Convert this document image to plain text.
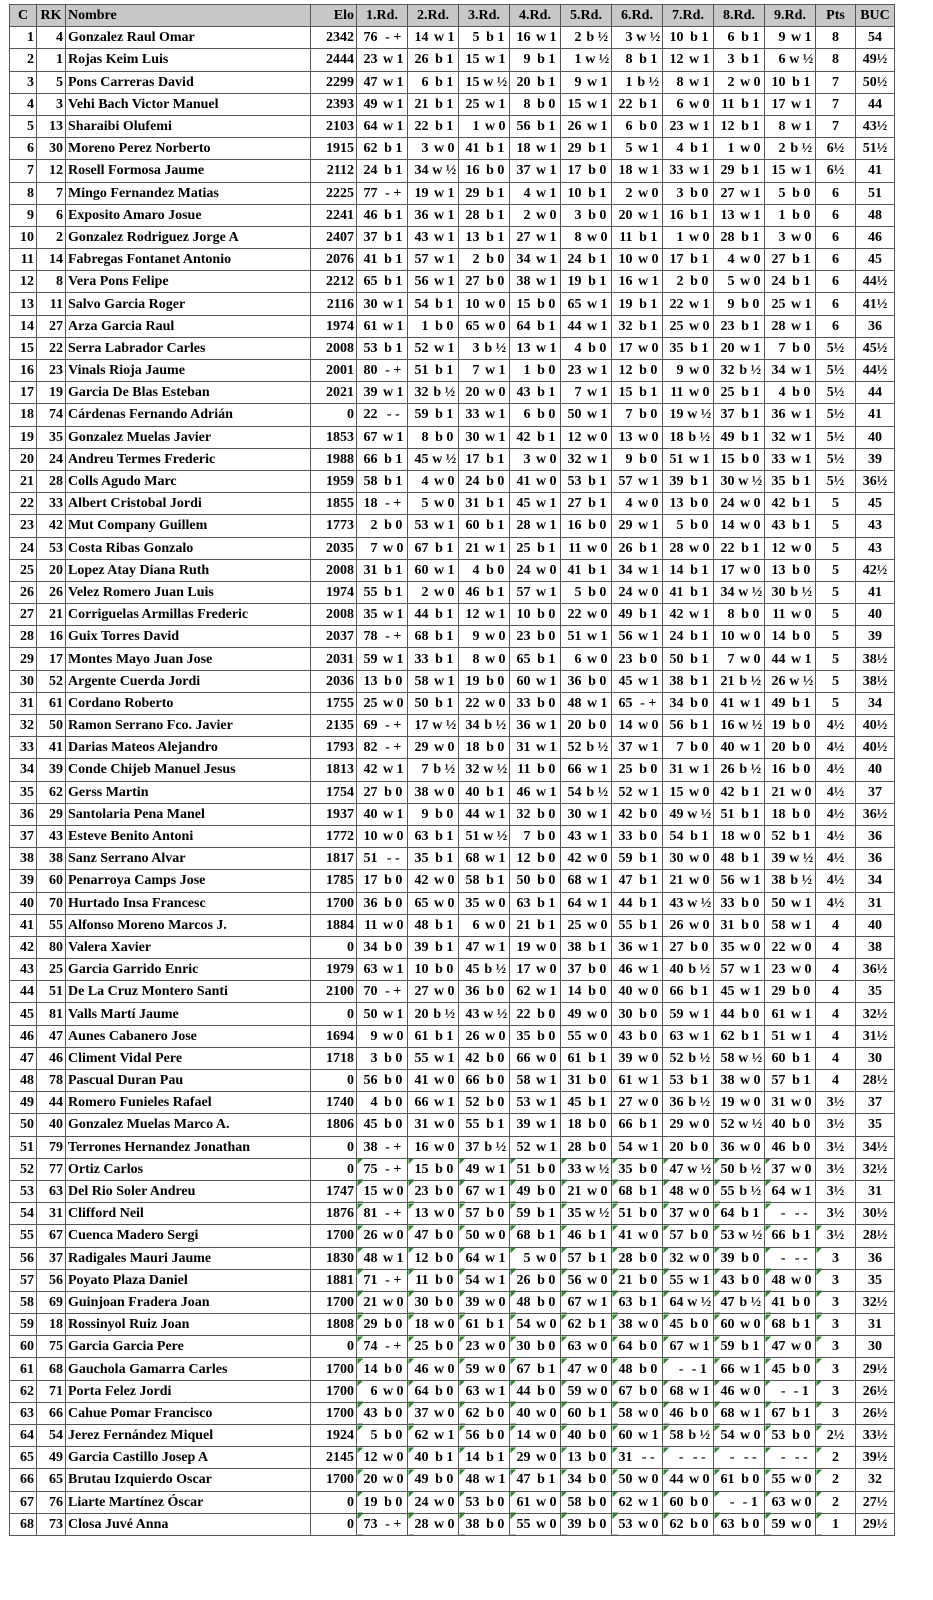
C	RK	Nombre	Elo	1.Rd.		2.Rd.		3.Rd.		4.Rd.		5.Rd.		6.Rd.		7.Rd.		8.Rd.		9.Rd.		Pts	BUC
1	4	Gonzalez Raul Omar	2342	76	- +	14	w 1	5	b 1	16	w 1	2	b ½	3	w ½	10	b 1	6	b 1	9	w 1	8	54
2	1	Rojas Keim Luis	2444	23	w 1	26	b 1	15	w 1	9	b 1	1	w ½	8	b 1	12	w 1	3	b 1	6	w ½	8	49½
3	5	Pons Carreras David	2299	47	w 1	6	b 1	15	w ½	20	b 1	9	w 1	1	b ½	8	w 1	2	w 0	10	b 1	7	50½
4	3	Vehi Bach Victor Manuel	2393	49	w 1	21	b 1	25	w 1	8	b 0	15	w 1	22	b 1	6	w 0	11	b 1	17	w 1	7	44
5	13	Sharaibi Olufemi	2103	64	w 1	22	b 1	1	w 0	56	b 1	26	w 1	6	b 0	23	w 1	12	b 1	8	w 1	7	43½
6	30	Moreno Perez Norberto	1915	62	b 1	3	w 0	41	b 1	18	w 1	29	b 1	5	w 1	4	b 1	1	w 0	2	b ½	6½	51½
7	12	Rosell Formosa Jaume	2112	24	b 1	34	w ½	16	b 0	37	w 1	17	b 0	18	w 1	33	w 1	29	b 1	15	w 1	6½	41
8	7	Mingo Fernandez Matias	2225	77	- +	19	w 1	29	b 1	4	w 1	10	b 1	2	w 0	3	b 0	27	w 1	5	b 0	6	51
9	6	Exposito Amaro Josue	2241	46	b 1	36	w 1	28	b 1	2	w 0	3	b 0	20	w 1	16	b 1	13	w 1	1	b 0	6	48
10	2	Gonzalez Rodriguez Jorge A	2407	37	b 1	43	w 1	13	b 1	27	w 1	8	w 0	11	b 1	1	w 0	28	b 1	3	w 0	6	46
11	14	Fabregas Fontanet Antonio	2076	41	b 1	57	w 1	2	b 0	34	w 1	24	b 1	10	w 0	17	b 1	4	w 0	27	b 1	6	45
12	8	Vera Pons Felipe	2212	65	b 1	56	w 1	27	b 0	38	w 1	19	b 1	16	w 1	2	b 0	5	w 0	24	b 1	6	44½
13	11	Salvo Garcia Roger	2116	30	w 1	54	b 1	10	w 0	15	b 0	65	w 1	19	b 1	22	w 1	9	b 0	25	w 1	6	41½
14	27	Arza Garcia Raul	1974	61	w 1	1	b 0	65	w 0	64	b 1	44	w 1	32	b 1	25	w 0	23	b 1	28	w 1	6	36
15	22	Serra Labrador Carles	2008	53	b 1	52	w 1	3	b ½	13	w 1	4	b 0	17	w 0	35	b 1	20	w 1	7	b 0	5½	45½
16	23	Vinals Rioja Jaume	2001	80	- +	51	b 1	7	w 1	1	b 0	23	w 1	12	b 0	9	w 0	32	b ½	34	w 1	5½	44½
17	19	Garcia De Blas Esteban	2021	39	w 1	32	b ½	20	w 0	43	b 1	7	w 1	15	b 1	11	w 0	25	b 1	4	b 0	5½	44
18	74	Cárdenas Fernando Adrián	0	22	- -	59	b 1	33	w 1	6	b 0	50	w 1	7	b 0	19	w ½	37	b 1	36	w 1	5½	41
19	35	Gonzalez Muelas Javier	1853	67	w 1	8	b 0	30	w 1	42	b 1	12	w 0	13	w 0	18	b ½	49	b 1	32	w 1	5½	40
20	24	Andreu Termes Frederic	1988	66	b 1	45	w ½	17	b 1	3	w 0	32	w 1	9	b 0	51	w 1	15	b 0	33	w 1	5½	39
21	28	Colls Agudo Marc	1959	58	b 1	4	w 0	24	b 0	41	w 0	53	b 1	57	w 1	39	b 1	30	w ½	35	b 1	5½	36½
22	33	Albert Cristobal Jordi	1855	18	- +	5	w 0	31	b 1	45	w 1	27	b 1	4	w 0	13	b 0	24	w 0	42	b 1	5	45
23	42	Mut Company Guillem	1773	2	b 0	53	w 1	60	b 1	28	w 1	16	b 0	29	w 1	5	b 0	14	w 0	43	b 1	5	43
24	53	Costa Ribas Gonzalo	2035	7	w 0	67	b 1	21	w 1	25	b 1	11	w 0	26	b 1	28	w 0	22	b 1	12	w 0	5	43
25	20	Lopez Atay Diana Ruth	2008	31	b 1	60	w 1	4	b 0	24	w 0	41	b 1	34	w 1	14	b 1	17	w 0	13	b 0	5	42½
26	26	Velez Romero Juan Luis	1974	55	b 1	2	w 0	46	b 1	57	w 1	5	b 0	24	w 0	41	b 1	34	w ½	30	b ½	5	41
27	21	Corriguelas Armillas Frederic	2008	35	w 1	44	b 1	12	w 1	10	b 0	22	w 0	49	b 1	42	w 1	8	b 0	11	w 0	5	40
28	16	Guix Torres David	2037	78	- +	68	b 1	9	w 0	23	b 0	51	w 1	56	w 1	24	b 1	10	w 0	14	b 0	5	39
29	17	Montes Mayo Juan Jose	2031	59	w 1	33	b 1	8	w 0	65	b 1	6	w 0	23	b 0	50	b 1	7	w 0	44	w 1	5	38½
30	52	Argente Cuerda Jordi	2036	13	b 0	58	w 1	19	b 0	60	w 1	36	b 0	45	w 1	38	b 1	21	b ½	26	w ½	5	38½
31	61	Cordano Roberto	1755	25	w 0	50	b 1	22	w 0	33	b 0	48	w 1	65	- +	34	b 0	41	w 1	49	b 1	5	34
32	50	Ramon Serrano Fco. Javier	2135	69	- +	17	w ½	34	b ½	36	w 1	20	b 0	14	w 0	56	b 1	16	w ½	19	b 0	4½	40½
33	41	Darias Mateos Alejandro	1793	82	- +	29	w 0	18	b 0	31	w 1	52	b ½	37	w 1	7	b 0	40	w 1	20	b 0	4½	40½
34	39	Conde Chijeb Manuel Jesus	1813	42	w 1	7	b ½	32	w ½	11	b 0	66	w 1	25	b 0	31	w 1	26	b ½	16	b 0	4½	40
35	62	Gerss Martin	1754	27	b 0	38	w 0	40	b 1	46	w 1	54	b ½	52	w 1	15	w 0	42	b 1	21	w 0	4½	37
36	29	Santolaria Pena Manel	1937	40	w 1	9	b 0	44	w 1	32	b 0	30	w 1	42	b 0	49	w ½	51	b 1	18	b 0	4½	36½
37	43	Esteve Benito Antoni	1772	10	w 0	63	b 1	51	w ½	7	b 0	43	w 1	33	b 0	54	b 1	18	w 0	52	b 1	4½	36
38	38	Sanz Serrano Alvar	1817	51	- -	35	b 1	68	w 1	12	b 0	42	w 0	59	b 1	30	w 0	48	b 1	39	w ½	4½	36
39	60	Penarroya Camps Jose	1785	17	b 0	42	w 0	58	b 1	50	b 0	68	w 1	47	b 1	21	w 0	56	w 1	38	b ½	4½	34
40	70	Hurtado Insa Francesc	1700	36	b 0	65	w 0	35	w 0	63	b 1	64	w 1	44	b 1	43	w ½	33	b 0	50	w 1	4½	31
41	55	Alfonso Moreno Marcos J.	1884	11	w 0	48	b 1	6	w 0	21	b 1	25	w 0	55	b 1	26	w 0	31	b 0	58	w 1	4	40
42	80	Valera Xavier	0	34	b 0	39	b 1	47	w 1	19	w 0	38	b 1	36	w 1	27	b 0	35	w 0	22	w 0	4	38
43	25	Garcia Garrido Enric	1979	63	w 1	10	b 0	45	b ½	17	w 0	37	b 0	46	w 1	40	b ½	57	w 1	23	w 0	4	36½
44	51	De La Cruz Montero Santi	2100	70	- +	27	w 0	36	b 0	62	w 1	14	b 0	40	w 0	66	b 1	45	w 1	29	b 0	4	35
45	81	Valls Martí Jaume	0	50	w 1	20	b ½	43	w ½	22	b 0	49	w 0	30	b 0	59	w 1	44	b 0	61	w 1	4	32½
46	47	Aunes Cabanero Jose	1694	9	w 0	61	b 1	26	w 0	35	b 0	55	w 0	43	b 0	63	w 1	62	b 1	51	w 1	4	31½
47	46	Climent Vidal Pere	1718	3	b 0	55	w 1	42	b 0	66	w 0	61	b 1	39	w 0	52	b ½	58	w ½	60	b 1	4	30
48	78	Pascual Duran Pau	0	56	b 0	41	w 0	66	b 0	58	w 1	31	b 0	61	w 1	53	b 1	38	w 0	57	b 1	4	28½
49	44	Romero Funieles Rafael	1740	4	b 0	66	w 1	52	b 0	53	w 1	45	b 1	27	w 0	36	b ½	19	w 0	31	w 0	3½	37
50	40	Gonzalez Muelas Marco A.	1806	45	b 0	31	w 0	55	b 1	39	w 1	18	b 0	66	b 1	29	w 0	52	w ½	40	b 0	3½	35
51	79	Terrones Hernandez Jonathan	0	38	- +	16	w 0	37	b ½	52	w 1	28	b 0	54	w 1	20	b 0	36	w 0	46	b 0	3½	34½
52	77	Ortiz Carlos	0	75	- +	15	b 0	49	w 1	51	b 0	33	w ½	35	b 0	47	w ½	50	b ½	37	w 0	3½	32½
53	63	Del Rio Soler Andreu	1747	15	w 0	23	b 0	67	w 1	49	b 0	21	w 0	68	b 1	48	w 0	55	b ½	64	w 1	3½	31
54	31	Clifford Neil	1876	81	- +	13	w 0	57	b 0	59	b 1	35	w ½	51	b 0	37	w 0	64	b 1	-	- -	3½	30½
55	67	Cuenca Madero Sergi	1700	26	w 0	47	b 0	50	w 0	68	b 1	46	b 1	41	w 0	57	b 0	53	w ½	66	b 1	3½	28½
56	37	Radigales Mauri Jaume	1830	48	w 1	12	b 0	64	w 1	5	w 0	57	b 1	28	b 0	32	w 0	39	b 0	-	- -	3	36
57	56	Poyato Plaza Daniel	1881	71	- +	11	b 0	54	w 1	26	b 0	56	w 0	21	b 0	55	w 1	43	b 0	48	w 0	3	35
58	69	Guinjoan Fradera Joan	1700	21	w 0	30	b 0	39	w 0	48	b 0	67	w 1	63	b 1	64	w ½	47	b ½	41	b 0	3	32½
59	18	Rossinyol Ruiz Joan	1808	29	b 0	18	w 0	61	b 1	54	w 0	62	b 1	38	w 0	45	b 0	60	w 0	68	b 1	3	31
60	75	Garcia Garcia Pere	0	74	- +	25	b 0	23	w 0	30	b 0	63	w 0	64	b 0	67	w 1	59	b 1	47	w 0	3	30
61	68	Gauchola Gamarra Carles	1700	14	b 0	46	w 0	59	w 0	67	b 1	47	w 0	48	b 0	-	- 1	66	w 1	45	b 0	3	29½
62	71	Porta Felez Jordi	1700	6	w 0	64	b 0	63	w 1	44	b 0	59	w 0	67	b 0	68	w 1	46	w 0	-	- 1	3	26½
63	66	Cahue Pomar Francisco	1700	43	b 0	37	w 0	62	b 0	40	w 0	60	b 1	58	w 0	46	b 0	68	w 1	67	b 1	3	26½
64	54	Jerez Fernández Miquel	1924	5	b 0	62	w 1	56	b 0	14	w 0	40	b 0	60	w 1	58	b ½	54	w 0	53	b 0	2½	33½
65	49	Garcia Castillo Josep A	2145	12	w 0	40	b 1	14	b 1	29	w 0	13	b 0	31	- -	-	- -	-	- -	-	- -	2	39½
66	65	Brutau Izquierdo Oscar	1700	20	w 0	49	b 0	48	w 1	47	b 1	34	b 0	50	w 0	44	w 0	61	b 0	55	w 0	2	32
67	76	Liarte Martínez Óscar	0	19	b 0	24	w 0	53	b 0	61	w 0	58	b 0	62	w 1	60	b 0	-	- 1	63	w 0	2	27½
68	73	Closa Juvé Anna	0	73	- +	28	w 0	38	b 0	55	w 0	39	b 0	53	w 0	62	b 0	63	b 0	59	w 0	1	29½
